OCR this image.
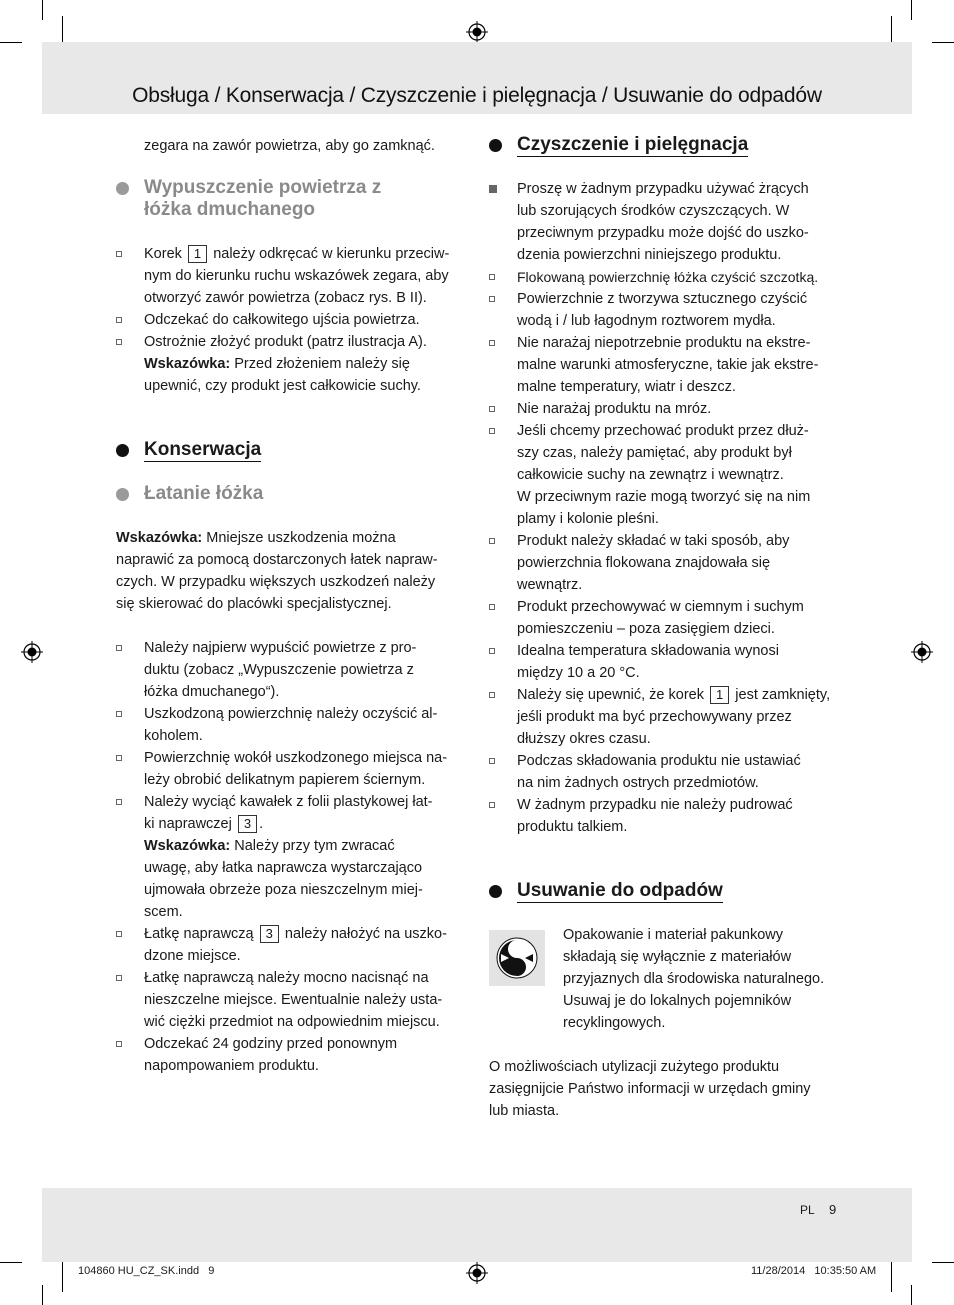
Obsługa / Konserwacja / Czyszczenie i pielęgnacja / Usuwanie do odpadów

zegara na zawór powietrza, aby go zamknąć.

Wypuszczenie powietrza z
łóżka dmuchanego
Korek 1 należy odkręcać w kierunku przeciw-
nym do kierunku ruchu wskazówek zegara, aby
otworzyć zawór powietrza (zobacz rys. B II).
Odczekać do całkowitego ujścia powietrza.
Ostrożnie złożyć produkt (patrz ilustracja A).
Wskazówka: Przed złożeniem należy się
upewnić, czy produkt jest całkowicie suchy.
Konserwacja
Łatanie łóżka

Wskazówka: Mniejsze uszkodzenia można

naprawić za pomocą dostarczonych łatek napraw-

czych. W przypadku większych uszkodzeń należy

się skierować do placówki specjalistycznej.

Należy najpierw wypuścić powietrze z pro-
duktu (zobacz „Wypuszczenie powietrza z
łóżka dmuchanego“).
Uszkodzoną powierzchnię należy oczyścić al-
koholem.
Powierzchnię wokół uszkodzonego miejsca na-
leży obrobić delikatnym papierem ściernym.
Należy wyciąć kawałek z folii plastykowej łat-
ki naprawczej 3 .
Wskazówka: Należy przy tym zwracać
uwagę, aby łatka naprawcza wystarczająco
ujmowała obrzeże poza nieszczelnym miej-
scem.
Łatkę naprawczą 3 należy nałożyć na uszko-
dzone miejsce.
Łatkę naprawczą należy mocno nacisnąć na
nieszczelne miejsce. Ewentualnie należy usta-
wić ciężki przedmiot na odpowiednim miejscu.
Odczekać 24 godziny przed ponownym
napompowaniem produktu.
Czyszczenie i pielęgnacja
Proszę w żadnym przypadku używać żrących
lub szorujących środków czyszczących. W
przeciwnym przypadku może dojść do uszko-
dzenia powierzchni niniejszego produktu.
Flokowaną powierzchnię łóżka czyścić szczotką.
Powierzchnie z tworzywa sztucznego czyścić
wodą i / lub łagodnym roztworem mydła.
Nie narażaj niepotrzebnie produktu na ekstre-
malne warunki atmosferyczne, takie jak ekstre-
malne temperatury, wiatr i deszcz.
Nie narażaj produktu na mróz.
Jeśli chcemy przechować produkt przez dłuż-
szy czas, należy pamiętać, aby produkt był
całkowicie suchy na zewnątrz i wewnątrz.
W przeciwnym razie mogą tworzyć się na nim
plamy i kolonie pleśni.
Produkt należy składać w taki sposób, aby
powierzchnia flokowana znajdowała się
wewnątrz.
Produkt przechowywać w ciemnym i suchym
pomieszczeniu – poza zasięgiem dzieci.
Idealna temperatura składowania wynosi
między 10 a 20 °C.
Należy się upewnić, że korek 1 jest zamknięty,
jeśli produkt ma być przechowywany przez
dłuższy okres czasu.
Podczas składowania produktu nie ustawiać
na nim żadnych ostrych przedmiotów.
W żadnym przypadku nie należy pudrować
produktu talkiem.
Usuwanie do odpadów

Opakowanie i materiał pakunkowy

składają się wyłącznie z materiałów

przyjaznych dla środowiska naturalnego.

Usuwaj je do lokalnych pojemników

recyklingowych.

O możliwościach utylizacji zużytego produktu

zasięgnijcie Państwo informacji w urzędach gminy

lub miasta.

PL 9
104860 HU_CZ_SK.indd   9	11/28/2014   10:35:50 AM
